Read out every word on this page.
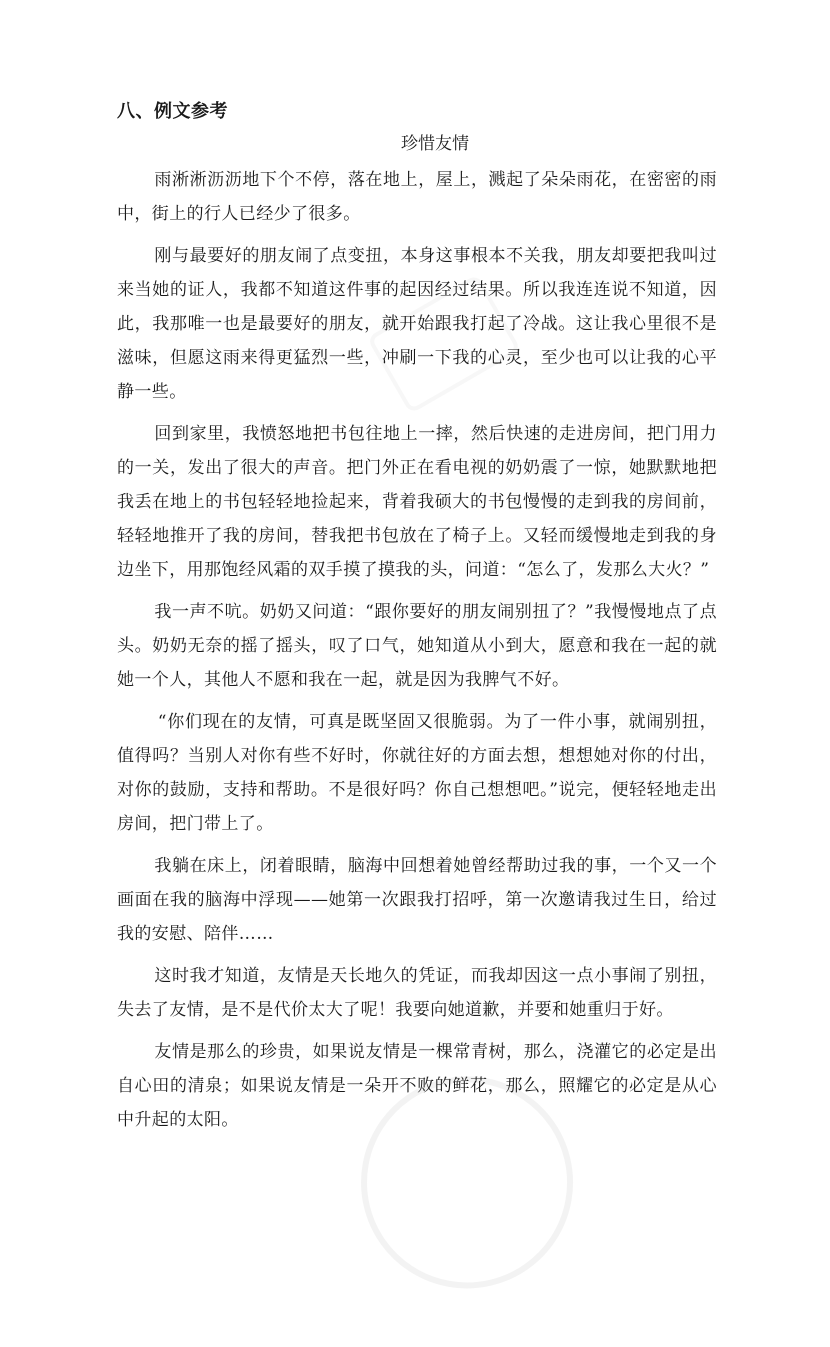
八、例文参考
珍惜友情

雨淅淅沥沥地下个不停，落在地上，屋上，溅起了朵朵雨花，在密密的雨中，街上的行人已经少了很多。

刚与最要好的朋友闹了点变扭，本身这事根本不关我，朋友却要把我叫过来当她的证人，我都不知道这件事的起因经过结果。所以我连连说不知道，因此，我那唯一也是最要好的朋友，就开始跟我打起了冷战。这让我心里很不是滋味，但愿这雨来得更猛烈一些，冲刷一下我的心灵，至少也可以让我的心平静一些。

回到家里，我愤怒地把书包往地上一摔，然后快速的走进房间，把门用力的一关，发出了很大的声音。把门外正在看电视的奶奶震了一惊，她默默地把我丢在地上的书包轻轻地捡起来，背着我硕大的书包慢慢的走到我的房间前，轻轻地推开了我的房间，替我把书包放在了椅子上。又轻而缓慢地走到我的身边坐下，用那饱经风霜的双手摸了摸我的头，问道：“怎么了，发那么大火？”

我一声不吭。奶奶又问道：“跟你要好的朋友闹别扭了？”我慢慢地点了点头。奶奶无奈的摇了摇头，叹了口气，她知道从小到大，愿意和我在一起的就她一个人，其他人不愿和我在一起，就是因为我脾气不好。

“你们现在的友情，可真是既坚固又很脆弱。为了一件小事，就闹别扭，值得吗？当别人对你有些不好时，你就往好的方面去想，想想她对你的付出，对你的鼓励，支持和帮助。不是很好吗？你自己想想吧。”说完，便轻轻地走出房间，把门带上了。

我躺在床上，闭着眼睛，脑海中回想着她曾经帮助过我的事，一个又一个画面在我的脑海中浮现——她第一次跟我打招呼，第一次邀请我过生日，给过我的安慰、陪伴……

这时我才知道，友情是天长地久的凭证，而我却因这一点小事闹了别扭，失去了友情，是不是代价太大了呢！我要向她道歉，并要和她重归于好。

友情是那么的珍贵，如果说友情是一棵常青树，那么，浇灌它的必定是出自心田的清泉；如果说友情是一朵开不败的鲜花，那么，照耀它的必定是从心中升起的太阳。
